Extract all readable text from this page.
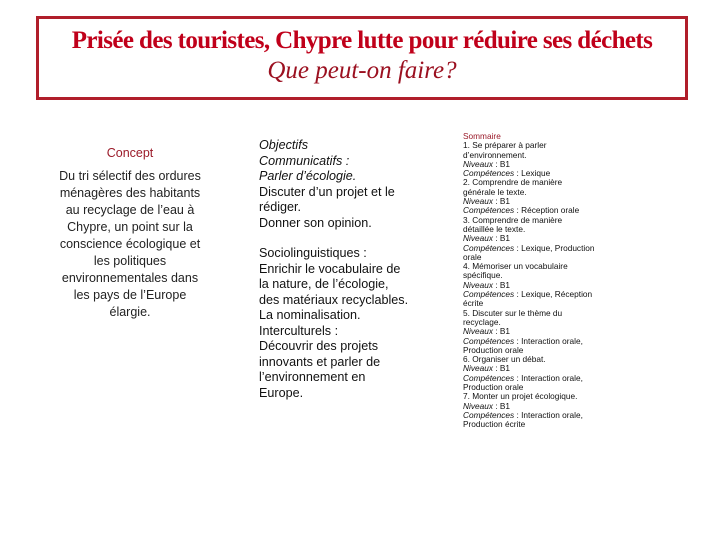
Prisée des touristes, Chypre lutte pour réduire ses déchets
Que peut-on faire?
Concept
Du tri sélectif des ordures
ménagères des habitants
au recyclage de l’eau à
Chypre, un point sur la
conscience écologique et
les politiques
environnementales dans
les pays de l’Europe
élargie.
Objectifs
Communicatifs :
Parler d’écologie.
Discuter d’un projet et le
rédiger.
Donner son opinion.
Sociolinguistiques :
Enrichir le vocabulaire de
la nature, de l’écologie,
des matériaux recyclables.
La nominalisation.
Interculturels :
Découvrir des projets
innovants et parler de
l’environnement en
Europe.
Sommaire
1. Se préparer à parler
d’environnement.
Niveaux : B1
Compétences : Lexique
2. Comprendre de manière
générale le texte.
Niveaux : B1
Compétences : Réception orale
3. Comprendre de manière
détaillée le texte.
Niveaux : B1
Compétences : Lexique, Production
orale
4. Mémoriser un vocabulaire
spécifique.
Niveaux : B1
Compétences : Lexique, Réception
écrite
5. Discuter sur le thème du
recyclage.
Niveaux : B1
Compétences : Interaction orale,
Production orale
6. Organiser un débat.
Niveaux : B1
Compétences : Interaction orale,
Production orale
7. Monter un projet écologique.
Niveaux : B1
Compétences : Interaction orale,
Production écrite
